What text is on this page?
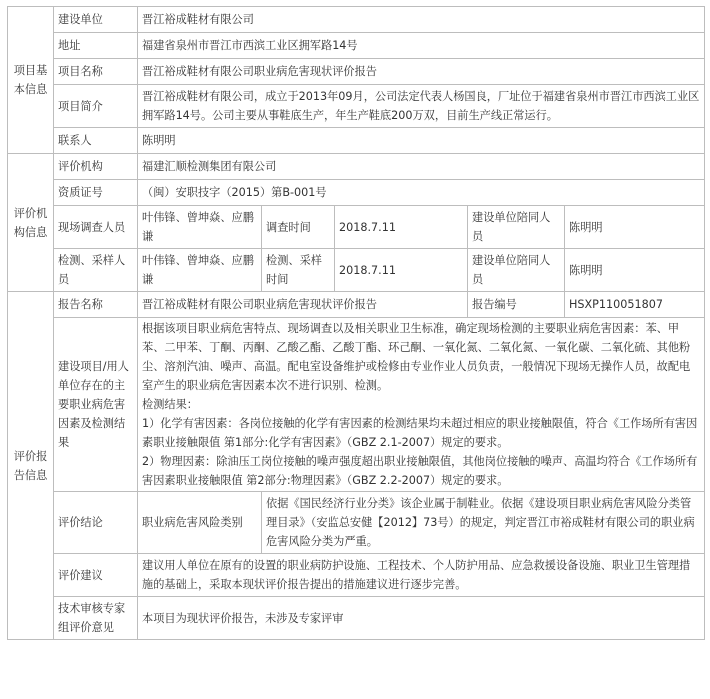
项目基本信息	建设单位	晋江裕成鞋材有限公司				
	地址	福建省泉州市晋江市西滨工业区拥军路14号				
	项目名称	晋江裕成鞋材有限公司职业病危害现状评价报告				
	项目简介	晋江裕成鞋材有限公司，成立于2013年09月，公司法定代表人杨国良，厂址位于福建省泉州市晋江市西滨工业区拥军路14号。公司主要从事鞋底生产，年生产鞋底200万双，目前生产线正常运行。				
	联系人	陈明明				
评价机构信息	评价机构	福建汇顺检测集团有限公司				
	资质证号	（闽）安职技字（2015）第B-001号				
	现场调查人员	叶伟锋、曾坤焱、应鹏谦	调查时间	2018.7.11	建设单位陪同人员	陈明明
	检测、采样人员	叶伟锋、曾坤焱、应鹏谦	检测、采样时间	2018.7.11	建设单位陪同人员	陈明明
评价报告信息	报告名称	晋江裕成鞋材有限公司职业病危害现状评价报告			报告编号	HSXP110051807
	建设项目/用人单位存在的主要职业病危害因素及检测结果	根据该项目职业病危害特点、现场调查以及相关职业卫生标准，确定现场检测的主要职业病危害因素：苯、甲苯、二甲苯、丁酮、丙酮、乙酸乙酯、乙酸丁酯、环己酮、一氧化氮、二氧化氮、一氧化碳、二氧化硫、其他粉尘、溶剂汽油、噪声、高温。配电室设备维护或检修由专业作业人员负责，一般情况下现场无操作人员，故配电室产生的职业病危害因素本次不进行识别、检测。
检测结果：
1）化学有害因素：各岗位接触的化学有害因素的检测结果均未超过相应的职业接触限值，符合《工作场所有害因素职业接触限值 第1部分:化学有害因素》（GBZ 2.1-2007）规定的要求。
2）物理因素：除油压工岗位接触的噪声强度超出职业接触限值，其他岗位接触的噪声、高温均符合《工作场所有害因素职业接触限值 第2部分:物理因素》（GBZ 2.2-2007）规定的要求。				

	评价结论	职业病危害风险类别	依据《国民经济行业分类》该企业属于制鞋业。依据《建设项目职业病危害风险分类管理目录》（安监总安健【2012】73号）的规定，判定晋江市裕成鞋材有限公司的职业病危害风险分类为严重。			
	评价建议	建议用人单位在原有的设置的职业病防护设施、工程技术、个人防护用品、应急救援设备设施、职业卫生管理措施的基础上，采取本现状评价报告提出的措施建议进行逐步完善。				
	技术审核专家组评价意见	本项目为现状评价报告，未涉及专家评审				
